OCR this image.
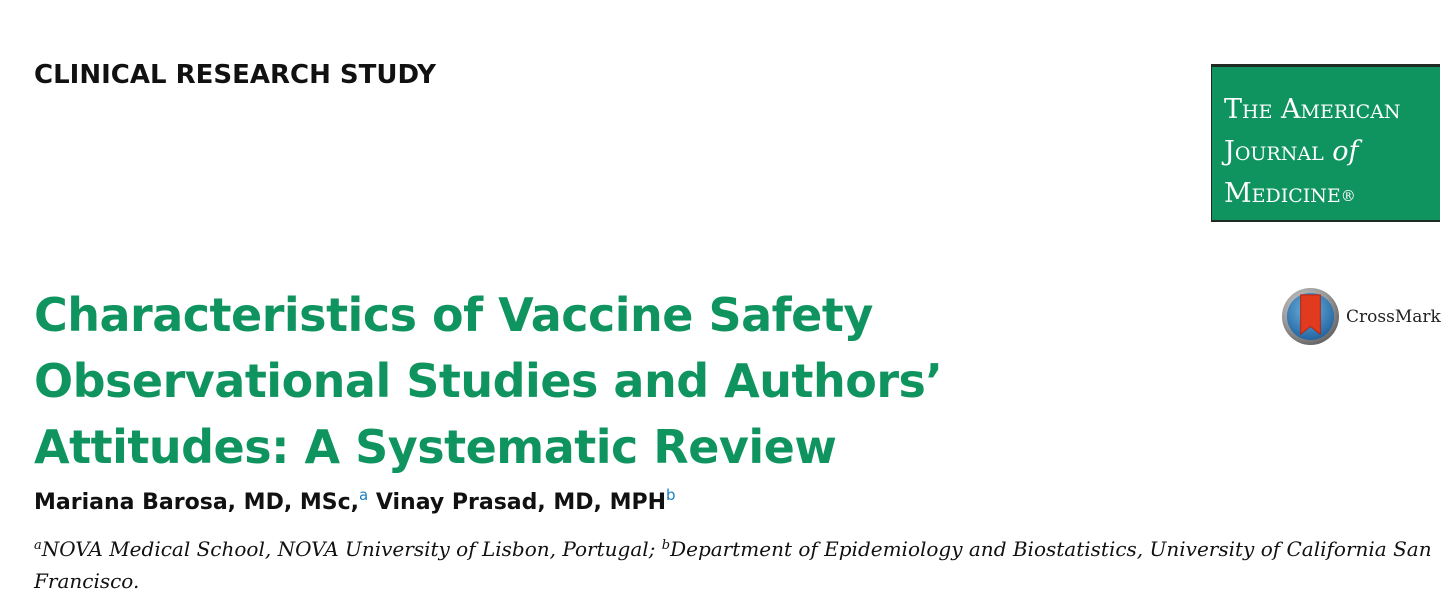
CLINICAL RESEARCH STUDY
The American
Journal of
Medicine®
CrossMark
Characteristics of Vaccine Safety Observational Studies and Authors’ Attitudes: A Systematic Review
Mariana Barosa, MD, MSc,$^a$ Vinay Prasad, MD, MPH$^b$
$^a$NOVA Medical School, NOVA University of Lisbon, Portugal; $^b$Department of Epidemiology and Biostatistics, University of California San Francisco.
